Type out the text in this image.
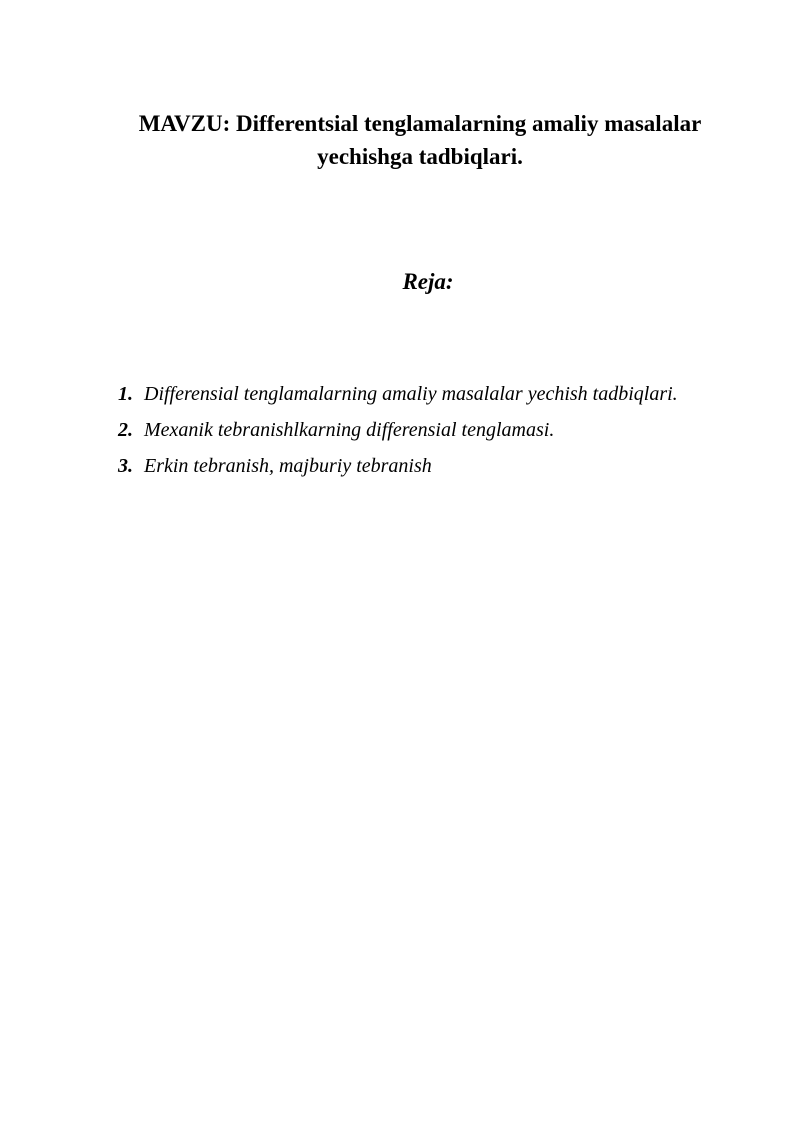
MAVZU: Differentsial tenglamalarning amaliy masalalar
yechishga tadbiqlari.
Reja:
1. Differensial tenglamalarning amaliy masalalar yechish tadbiqlari.
2. Mexanik tebranishlkarning differensial tenglamasi.
3. Erkin tebranish, majburiy tebranish
